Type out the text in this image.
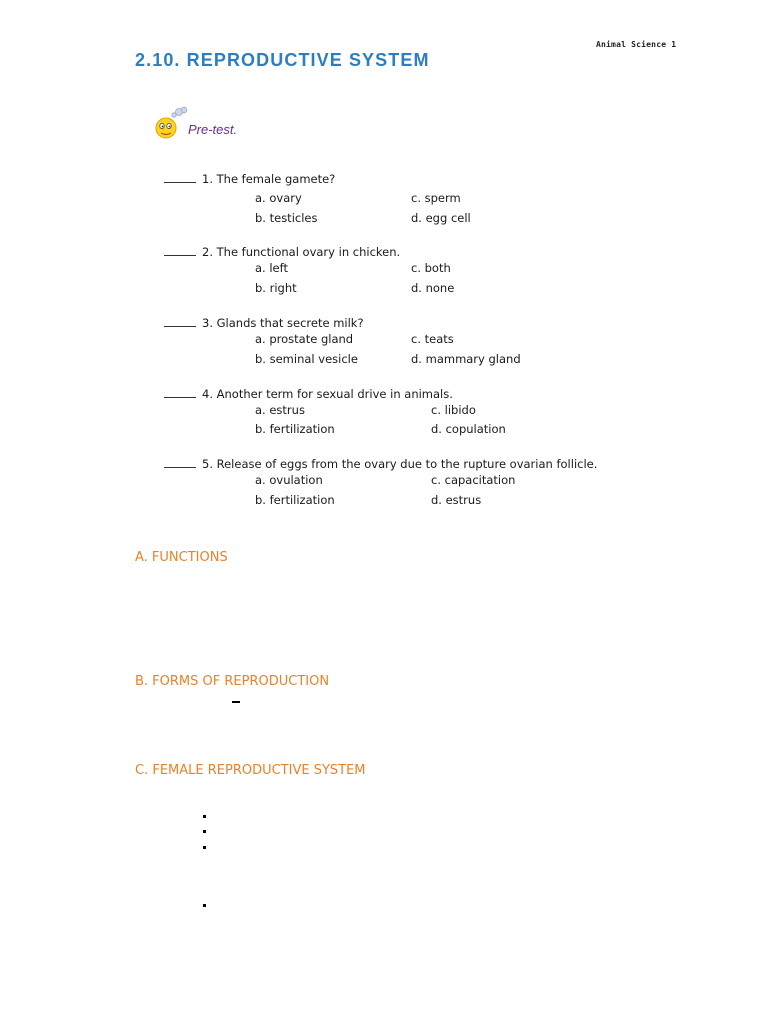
Animal Science 1
2.10. REPRODUCTIVE SYSTEM
Pre-test.
1. The female gamete?
a. ovary
b. testicles
c. sperm
d. egg cell
2. The functional ovary in chicken.
a. left
b. right
c. both
d. none
3. Glands that secrete milk?
a. prostate gland
b. seminal vesicle
c. teats
d. mammary gland
4. Another term for sexual drive in animals.
a. estrus
b. fertilization
c. libido
d. copulation
5. Release of eggs from the ovary due to the rupture ovarian follicle.
a. ovulation
b. fertilization
c. capacitation
d. estrus
A. FUNCTIONS
B. FORMS OF REPRODUCTION
C. FEMALE REPRODUCTIVE SYSTEM
